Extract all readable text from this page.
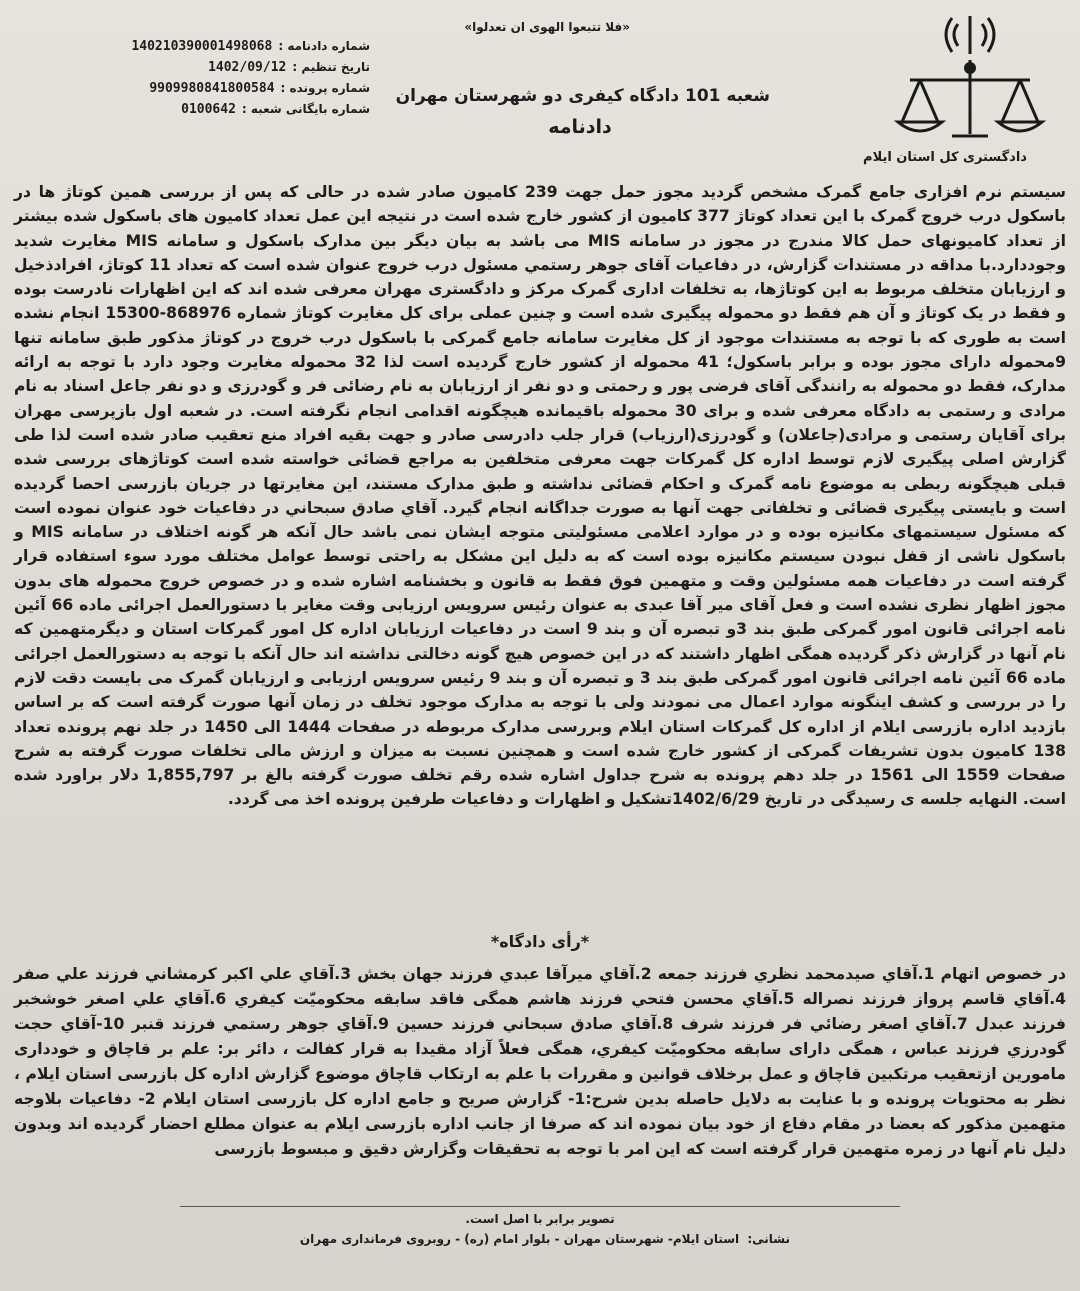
«فلا تتبعوا الهوی ان تعدلوا»
شعبه 101 دادگاه کیفری دو شهرستان مهران
دادنامه
شماره دادنامه :
140210390001498068
تاریخ تنظیم :
1402/09/12
شماره پرونده :
9909980841800584
شماره بایگانی شعبه :
0100642
دادگستری کل استان ایلام

سیستم نرم افزاری جامع گمرک مشخص گردید مجوز حمل جهت 239 کامیون صادر شده در حالی که پس از بررسی همین کوتاژ ها در باسکول درب خروج گمرک با این تعداد کوتاژ 377 کامیون از کشور خارج شده است در نتیجه این عمل تعداد کامیون های باسکول شده بیشتر از تعداد کامیونهای حمل کالا مندرج در مجوز در سامانه MIS می باشد به بیان دیگر بین مدارک باسکول و سامانه MIS مغایرت شدید وجوددارد.با مداقه در مستندات گزارش، در دفاعیات آقای جوهر رستمي مسئول درب خروج عنوان شده است که تعداد 11 کوتاژ، افرادذخیل و ارزیابان متخلف مربوط به این کوتاژها، به تخلفات اداری گمرک مرکز و دادگستری مهران معرفی شده اند که این اظهارات نادرست بوده و فقط در یک کوتاژ و آن هم فقط دو محموله پیگیری شده است و چنین عملی برای کل مغایرت کوتاژ شماره 868976-15300 انجام نشده است به طوری که با توجه به مستندات موجود از کل مغایرت سامانه جامع گمرکی با باسکول درب خروج در کوتاژ مذکور طبق سامانه تنها 9محموله دارای مجوز بوده و برابر باسکول؛ 41 محموله از کشور خارج گردیده است لذا 32 محموله مغایرت وجود دارد با توجه به ارائه مدارک، فقط دو محموله به رانندگی آقای فرضی پور و رحمتی و دو نفر از ارزیابان به نام رضائی فر و گودرزی و دو نفر جاعل اسناد به نام مرادی و رستمی به دادگاه معرفی شده و برای 30 محموله باقیمانده هیچگونه اقدامی انجام نگرفته است. در شعبه اول بازپرسی مهران برای آقایان رستمی و مرادی(جاعلان) و گودرزی(ارزیاب) قرار جلب دادرسی صادر و جهت بقیه افراد منع تعقیب صادر شده است لذا طی گزارش اصلی پیگیری لازم توسط اداره کل گمرکات جهت معرفی متخلفین به مراجع قضائی خواسته شده است کوتاژهای بررسی شده قبلی هیچگونه ربطی به موضوع نامه گمرک و احکام قضائی نداشته و طبق مدارک مستند، این مغایرتها در جریان بازرسی احصا گردیده است و بایستی پیگیری قضائی و تخلفاتی جهت آنها به صورت جداگانه انجام گیرد. آقاي صادق سبحاني در دفاعیات خود عنوان نموده است که مسئول سیستمهای مکانیزه بوده و در موارد اعلامی مسئولیتی متوجه ایشان نمی باشد حال آنکه هر گونه اختلاف در سامانه MIS و باسکول ناشی از قفل نبودن سیستم مکانیزه بوده است که به دلیل این مشکل به راحتی توسط عوامل مختلف مورد سوء استفاده قرار گرفته است در دفاعیات همه مسئولین وقت و متهمین فوق فقط به قانون و بخشنامه اشاره شده و در خصوص خروج محموله های بدون مجوز اظهار نظری نشده است و فعل آقای میر آقا عبدی به عنوان رئیس سرویس ارزیابی وقت مغایر با دستورالعمل اجرائی ماده 66 آئین نامه اجرائی قانون امور گمرکی طبق بند 3و تبصره آن و بند 9 است در دفاعیات ارزیابان اداره کل امور گمرکات استان و دیگرمتهمین که نام آنها در گزارش ذکر گردیده همگی اظهار داشتند که در این خصوص هیچ گونه دخالتی نداشته اند حال آنکه با توجه به دستورالعمل اجرائی ماده 66 آئین نامه اجرائی قانون امور گمرکی طبق بند 3 و تبصره آن و بند 9 رئیس سرویس ارزیابی و ارزیابان گمرک می بایست دقت لازم را در بررسی و کشف اینگونه موارد اعمال می نمودند ولی با توجه به مدارک موجود تخلف در زمان آنها صورت گرفته است که بر اساس بازدید اداره بازرسی ایلام از اداره کل گمرکات استان ایلام وبررسی مدارک مربوطه در صفحات 1444 الی 1450 در جلد نهم پرونده تعداد 138 کامیون بدون تشریفات گمرکی از کشور خارج شده است و همچنین نسبت به میزان و ارزش مالی تخلفات صورت گرفته به شرح صفحات 1559 الی 1561 در جلد دهم پرونده به شرح جداول اشاره شده رقم تخلف صورت گرفته بالغ بر 1,855,797 دلار براورد شده است. النهایه جلسه ی رسیدگی در تاریخ 1402/6/29تشکیل و اظهارات و دفاعیات طرفین پرونده اخذ می گردد.

*رأی دادگاه*

در خصوص اتهام 1.آقاي صیدمحمد نظري فرزند جمعه 2.آقاي میرآقا عبدي فرزند جهان بخش 3.آقاي علي اكبر كرمشاني فرزند علي صفر 4.آقاي قاسم پرواز فرزند نصراله 5.آقاي محسن فتحي فرزند هاشم همگی فاقد سابقه محکومیّت کیفري 6.آقاي علي اصغر خوشخبر فرزند عبدل 7.آقاي اصغر رضائي فر فرزند شرف 8.آقاي صادق سبحاني فرزند حسین 9.آقاي جوهر رستمي فرزند قنبر 10-آقاي حجت گودرزي فرزند عباس ، همگی دارای سابقه محکومیّت کیفري، همگی فعلاً آزاد مقیدا به قرار کفالت ، دائر بر: علم بر قاچاق و خودداری مامورین ازتعقیب مرتکبین قاچاق و عمل برخلاف قوانین و مقررات با علم به ارتکاب قاچاق موضوع گزارش اداره کل بازرسی استان ایلام ، نظر به محتویات پرونده و با عنایت به دلایل حاصله بدین شرح:1- گزارش صریح و جامع اداره کل بازرسی استان ایلام 2- دفاعیات بلاوجه متهمین مذکور که بعضا در مقام دفاع از خود بیان نموده اند که صرفا از جانب اداره بازرسی ایلام به عنوان مطلع احضار گردیده اند وبدون دلیل نام آنها در زمره متهمین قرار گرفته است که این امر با توجه به تحقیقات وگزارش دقیق و مبسوط بازرسی

تصویر برابر با اصل است.
نشانی: استان ایلام- شهرستان مهران - بلوار امام (ره) - روبروی فرمانداری مهران
